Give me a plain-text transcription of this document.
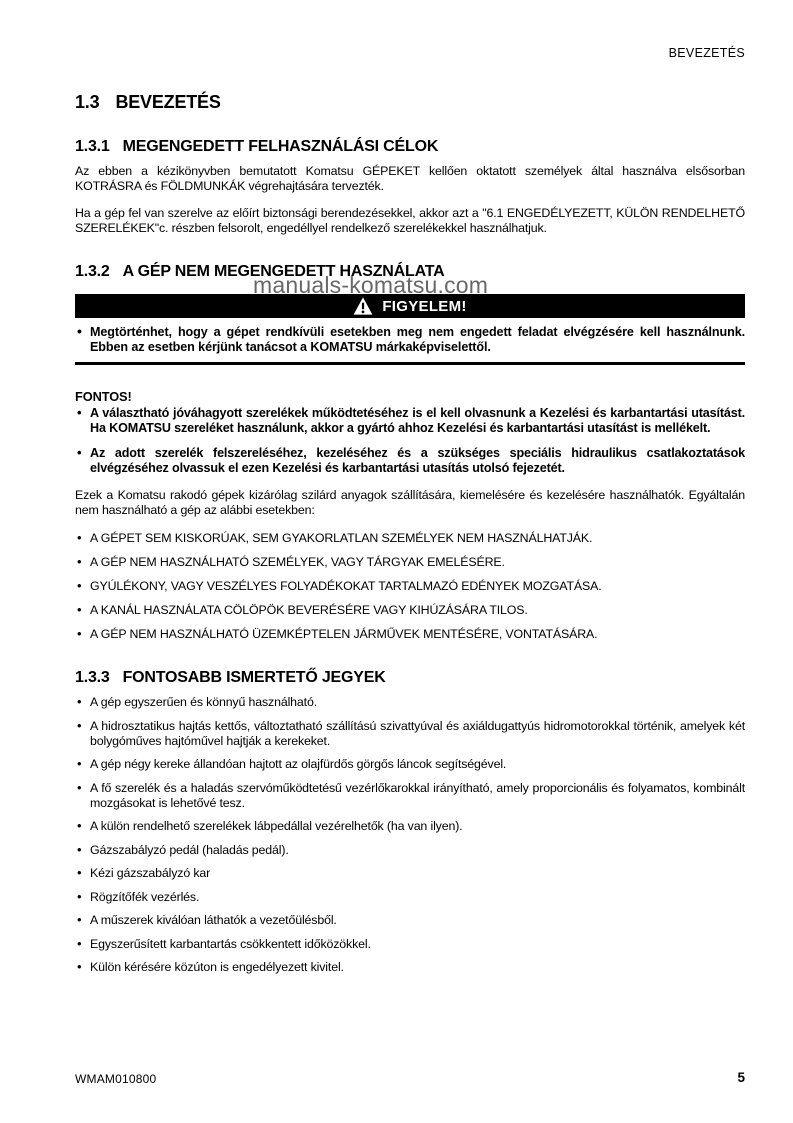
BEVEZETÉS
1.3 BEVEZETÉS
1.3.1 MEGENGEDETT FELHASZNÁLÁSI CÉLOK

Az ebben a kézikönyvben bemutatott Komatsu GÉPEKET kellően oktatott személyek által használva elsősorban KOTRÁSRA és FÖLDMUNKÁK végrehajtására tervezték.

Ha a gép fel van szerelve az előírt biztonsági berendezésekkel, akkor azt a "6.1 ENGEDÉLYEZETT, KÜLÖN RENDELHETŐ SZERELÉKEK"c. részben felsorolt, engedéllyel rendelkező szerelékekkel használhatjuk.

1.3.2 A GÉP NEM MEGENGEDETT HASZNÁLATA
manuals-komatsu.com
FIGYELEM!
• Megtörténhet, hogy a gépet rendkívüli esetekben meg nem engedett feladat elvégzésére kell használnunk. Ebben az esetben kérjünk tanácsot a KOMATSU márkaképviselettől.
FONTOS!
• A választható jóváhagyott szerelékek működtetéséhez is el kell olvasnunk a Kezelési és karbantartási utasítást. Ha KOMATSU szereléket használunk, akkor a gyártó ahhoz Kezelési és karbantartási utasítást is mellékelt.
• Az adott szerelék felszereléséhez, kezeléséhez és a szükséges speciális hidraulikus csatlakoztatások elvégzéséhez olvassuk el ezen Kezelési és karbantartási utasítás utolsó fejezetét.

Ezek a Komatsu rakodó gépek kizárólag szilárd anyagok szállítására, kiemelésére és kezelésére használhatók. Egyáltalán nem használható a gép az alábbi esetekben:

• A GÉPET SEM KISKORÚAK, SEM GYAKORLATLAN SZEMÉLYEK NEM HASZNÁLHATJÁK.
• A GÉP NEM HASZNÁLHATÓ SZEMÉLYEK, VAGY TÁRGYAK EMELÉSÉRE.
• GYÚLÉKONY, VAGY VESZÉLYES FOLYADÉKOKAT TARTALMAZÓ EDÉNYEK MOZGATÁSA.
• A KANÁL HASZNÁLATA CÖLÖPÖK BEVERÉSÉRE VAGY KIHÚZÁSÁRA TILOS.
• A GÉP NEM HASZNÁLHATÓ ÜZEMKÉPTELEN JÁRMŰVEK MENTÉSÉRE, VONTATÁSÁRA.
1.3.3 FONTOSABB ISMERTETŐ JEGYEK
• A gép egyszerűen és könnyű használható.
• A hidrosztatikus hajtás kettős, változtatható szállítású szivattyúval és axiáldugattyús hidromotorokkal történik, amelyek két bolygóműves hajtóművel hajtják a kerekeket.
• A gép négy kereke állandóan hajtott az olajfürdős görgős láncok segítségével.
• A fő szerelék és a haladás szervóműködtetésű vezérlőkarokkal irányítható, amely proporcionális és folyamatos, kombinált mozgásokat is lehetővé tesz.
• A külön rendelhető szerelékek lábpedállal vezérelhetők (ha van ilyen).
• Gázszabályzó pedál (haladás pedál).
• Kézi gázszabályzó kar
• Rögzítőfék vezérlés.
• A műszerek kiválóan láthatók a vezetőülésből.
• Egyszerűsített karbantartás csökkentett időközökkel.
• Külön kérésére közúton is engedélyezett kivitel.
WMAM010800	5
